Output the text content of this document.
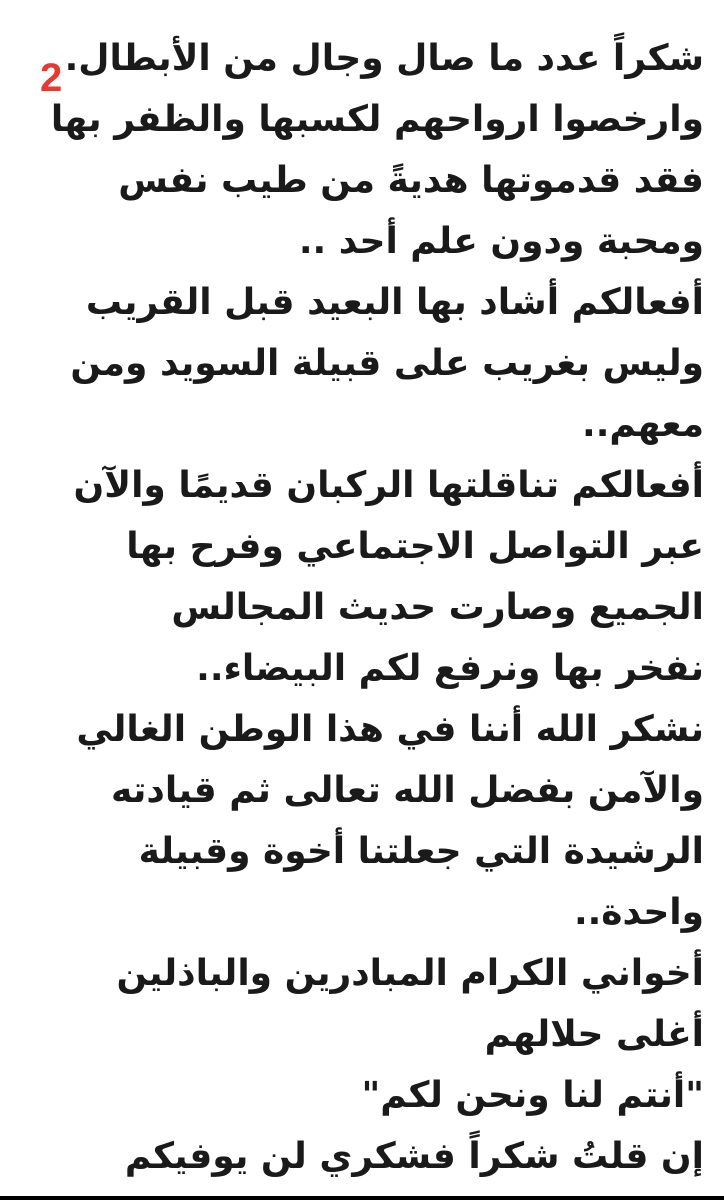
شكراً عدد ما صال وجال من الأبطال.
وارخصوا ارواحهم لكسبها والظفر بها
فقد قدموتها هديةً من طيب نفس
ومحبة ودون علم أحد ..
أفعالكم أشاد بها البعيد قبل القريب
وليس بغريب على قبيلة السويد ومن
معهم..
أفعالكم تناقلتها الركبان قديمًا والآن
عبر التواصل الاجتماعي وفرح بها
الجميع وصارت حديث المجالس
نفخر بها ونرفع لكم البيضاء..
نشكر الله أننا في هذا الوطن الغالي
والآمن بفضل الله تعالى ثم قيادته
الرشيدة التي جعلتنا أخوة وقبيلة
واحدة..
أخواني الكرام المبادرين والباذلين
أغلى حلالهم
"أنتم لنا ونحن لكم"
إن قلتُ شكراً فشكري لن يوفيكم
2
